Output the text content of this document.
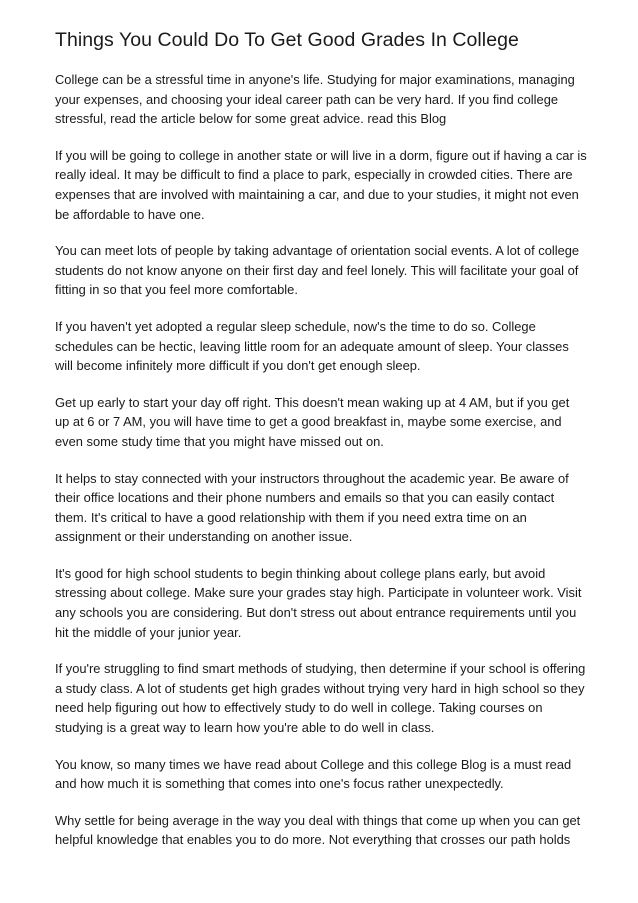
Things You Could Do To Get Good Grades In College

College can be a stressful time in anyone's life. Studying for major examinations, managing
your expenses, and choosing your ideal career path can be very hard. If you find college
stressful, read the article below for some great advice. read this Blog

If you will be going to college in another state or will live in a dorm, figure out if having a car is
really ideal. It may be difficult to find a place to park, especially in crowded cities. There are
expenses that are involved with maintaining a car, and due to your studies, it might not even
be affordable to have one.

You can meet lots of people by taking advantage of orientation social events. A lot of college
students do not know anyone on their first day and feel lonely. This will facilitate your goal of
fitting in so that you feel more comfortable.

If you haven't yet adopted a regular sleep schedule, now's the time to do so. College
schedules can be hectic, leaving little room for an adequate amount of sleep. Your classes
will become infinitely more difficult if you don't get enough sleep.

Get up early to start your day off right. This doesn't mean waking up at 4 AM, but if you get
up at 6 or 7 AM, you will have time to get a good breakfast in, maybe some exercise, and
even some study time that you might have missed out on.

It helps to stay connected with your instructors throughout the academic year. Be aware of
their office locations and their phone numbers and emails so that you can easily contact
them. It's critical to have a good relationship with them if you need extra time on an
assignment or their understanding on another issue.

It's good for high school students to begin thinking about college plans early, but avoid
stressing about college. Make sure your grades stay high. Participate in volunteer work. Visit
any schools you are considering. But don't stress out about entrance requirements until you
hit the middle of your junior year.

If you're struggling to find smart methods of studying, then determine if your school is offering
a study class. A lot of students get high grades without trying very hard in high school so they
need help figuring out how to effectively study to do well in college. Taking courses on
studying is a great way to learn how you're able to do well in class.

You know, so many times we have read about College and this college Blog is a must read
and how much it is something that comes into one's focus rather unexpectedly.

Why settle for being average in the way you deal with things that come up when you can get
helpful knowledge that enables you to do more. Not everything that crosses our path holds
